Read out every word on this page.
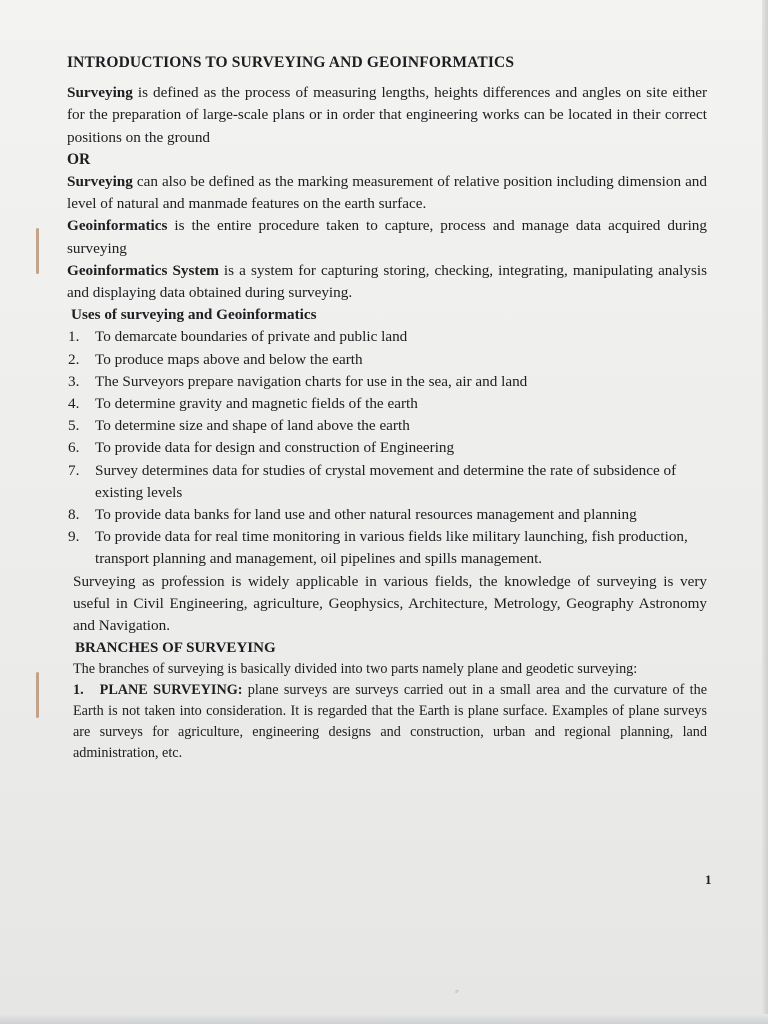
⸗

INTRODUCTIONS TO SURVEYING AND GEOINFORMATICS

Surveying is defined as the process of measuring lengths, heights differences and angles on site either for the preparation of large-scale plans or in order that engineering works can be located in their correct positions on the ground

OR

Surveying can also be defined as the marking measurement of relative position including dimension and level of natural and manmade features on the earth surface.

Geoinformatics is the entire procedure taken to capture, process and manage data acquired during surveying

Geoinformatics System is a system for capturing storing, checking, integrating, manipulating analysis and displaying data obtained during surveying.

Uses of surveying and Geoinformatics

1.	To demarcate boundaries of private and public land
2.	To produce maps above and below the earth
3.	The Surveyors prepare navigation charts for use in the sea, air and land
4.	To determine gravity and magnetic fields of the earth
5.	To determine size and shape of land above the earth
6.	To provide data for design and construction of Engineering
7.	Survey determines data for studies of crystal movement and determine the rate of subsidence of existing levels
8.	To provide data banks for land use and other natural resources management and planning
9.	To provide data for real time monitoring in various fields like military launching, fish production, transport planning and management, oil pipelines and spills management.

Surveying as profession is widely applicable in various fields, the knowledge of surveying is very useful in Civil Engineering, agriculture, Geophysics, Architecture, Metrology, Geography Astronomy and Navigation.

BRANCHES OF SURVEYING

The branches of surveying is basically divided into two parts namely plane and geodetic surveying:

1. PLANE SURVEYING: plane surveys are surveys carried out in a small area and the curvature of the Earth is not taken into consideration. It is regarded that the Earth is plane surface. Examples of plane surveys are surveys for agriculture, engineering designs and construction, urban and regional planning, land administration, etc.

1
